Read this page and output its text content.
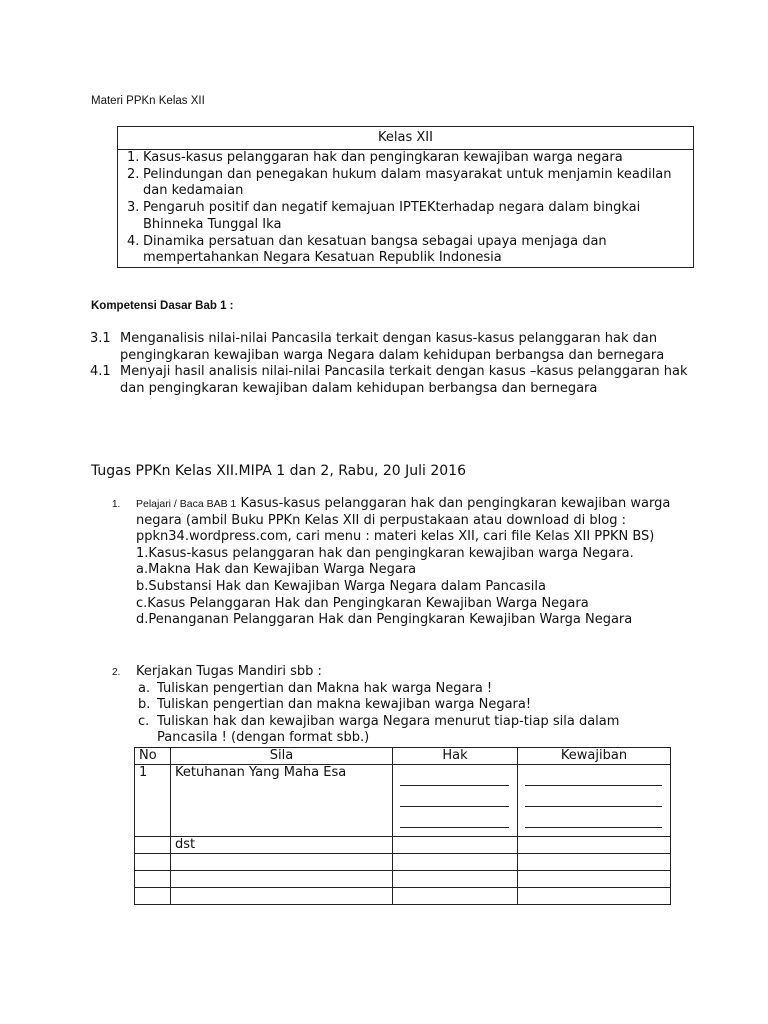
Materi PPKn Kelas XII
Kelas XII
1. Kasus-kasus pelanggaran hak dan pengingkaran kewajiban warga negara
2. Pelindungan dan penegakan hukum dalam masyarakat untuk menjamin keadilan dan kedamaian
3. Pengaruh positif dan negatif kemajuan IPTEKterhadap negara dalam bingkai Bhinneka Tunggal Ika
4. Dinamika persatuan dan kesatuan bangsa sebagai upaya menjaga dan mempertahankan Negara Kesatuan Republik Indonesia
Kompetensi Dasar Bab 1 :
3.1 Menganalisis nilai-nilai Pancasila terkait dengan kasus-kasus pelanggaran hak dan pengingkaran kewajiban warga Negara dalam kehidupan berbangsa dan bernegara
4.1 Menyaji hasil analisis nilai-nilai Pancasila terkait dengan kasus –kasus pelanggaran hak dan pengingkaran kewajiban dalam kehidupan berbangsa dan bernegara
Tugas PPKn Kelas XII.MIPA 1 dan 2, Rabu, 20 Juli 2016
1. Pelajari / Baca BAB 1 Kasus-kasus pelanggaran hak dan pengingkaran kewajiban warga negara (ambil Buku PPKn Kelas XII di perpustakaan atau download di blog : ppkn34.wordpress.com, cari menu : materi kelas XII, cari file Kelas XII PPKN BS)
1.Kasus-kasus pelanggaran hak dan pengingkaran kewajiban warga Negara.
a.Makna Hak dan Kewajiban Warga Negara
b.Substansi Hak dan Kewajiban Warga Negara dalam Pancasila
c.Kasus Pelanggaran Hak dan Pengingkaran Kewajiban Warga Negara
d.Penanganan Pelanggaran Hak dan Pengingkaran Kewajiban Warga Negara
2. Kerjakan Tugas Mandiri sbb :
a. Tuliskan pengertian dan Makna hak warga Negara !
b. Tuliskan pengertian dan makna kewajiban warga Negara!
c. Tuliskan hak dan kewajiban warga Negara menurut tiap-tiap sila dalam Pancasila ! (dengan format sbb.)
No	Sila	Hak	Kewajiban
1	Ketuhanan Yang Maha Esa	

	dst		
